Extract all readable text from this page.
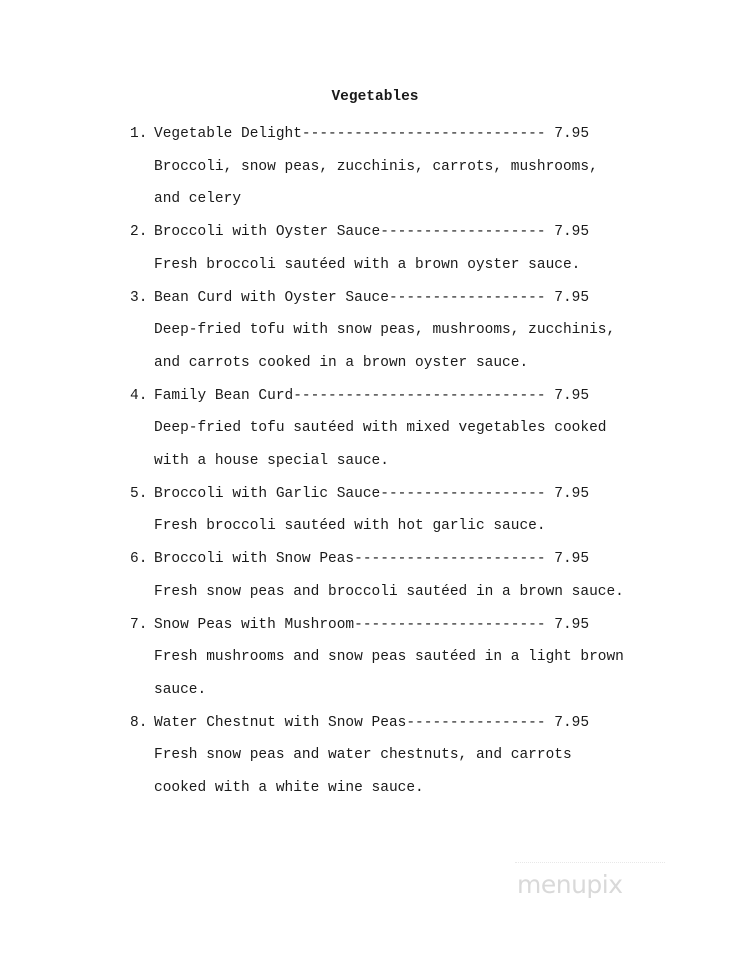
Vegetables
1. Vegetable Delight---------------------------- 7.95
Broccoli, snow peas, zucchinis, carrots, mushrooms,
and celery
2. Broccoli with Oyster Sauce------------------- 7.95
Fresh broccoli sautéed with a brown oyster sauce.
3. Bean Curd with Oyster Sauce------------------ 7.95
Deep-fried tofu with snow peas, mushrooms, zucchinis,
and carrots cooked in a brown oyster sauce.
4. Family Bean Curd----------------------------- 7.95
Deep-fried tofu sautéed with mixed vegetables cooked
with a house special sauce.
5. Broccoli with Garlic Sauce------------------- 7.95
Fresh broccoli sautéed with hot garlic sauce.
6. Broccoli with Snow Peas---------------------- 7.95
Fresh snow peas and broccoli sautéed in a brown sauce.
7. Snow Peas with Mushroom---------------------- 7.95
Fresh mushrooms and snow peas sautéed in a light brown
sauce.
8. Water Chestnut with Snow Peas---------------- 7.95
Fresh snow peas and water chestnuts, and carrots
cooked with a white wine sauce.
menupix
